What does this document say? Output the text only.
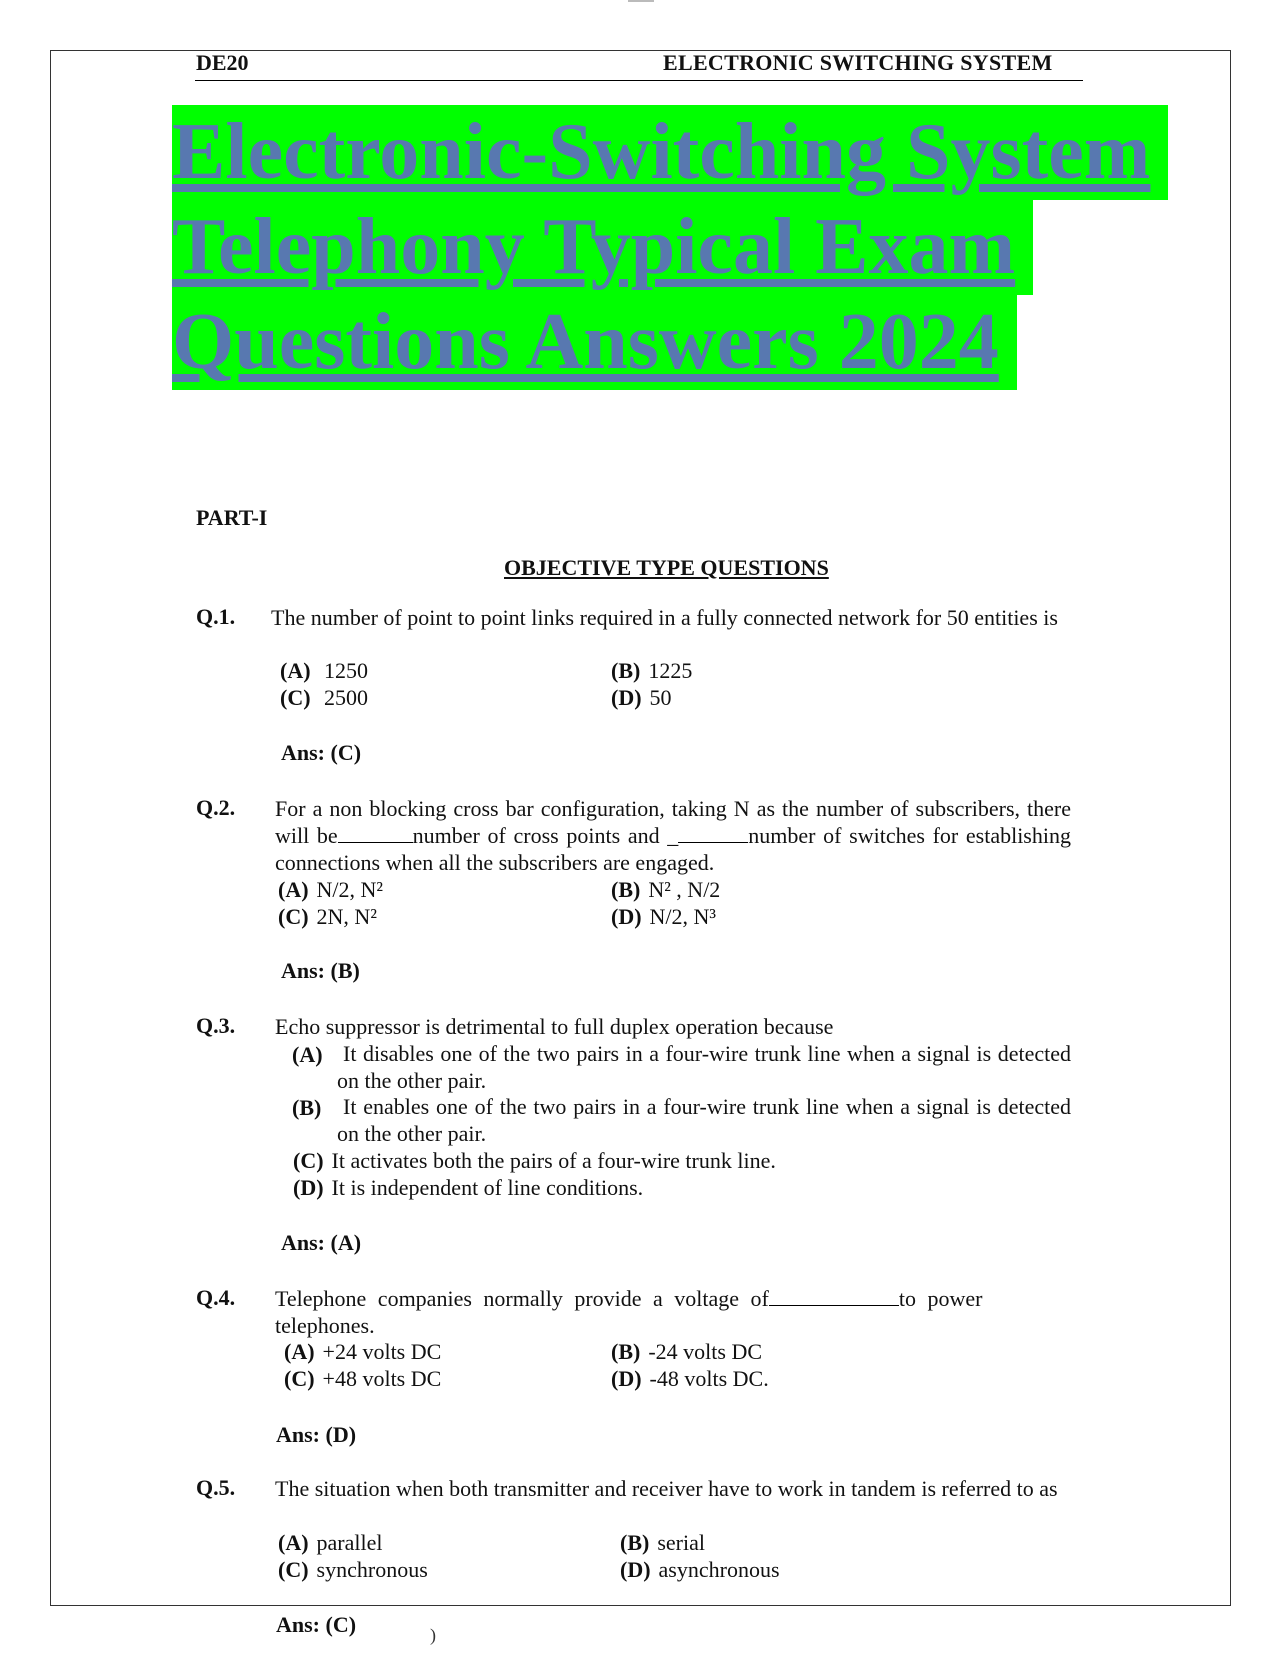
DE20	ELECTRONIC SWITCHING SYSTEM
Electronic-Switching System
Telephony Typical Exam
Questions Answers 2024
PART-I
OBJECTIVE TYPE QUESTIONS
Q.1. The number of point to point links required in a fully connected network for 50 entities is
(A) 1250	(B) 1225
(C) 2500	(D) 50
Ans: (C)
Q.2. For a non blocking cross bar configuration, taking N as the number of subscribers, there will be	number of cross points and _	number of switches for establishing connections when all the subscribers are engaged.
(A) N/2, N²	(B) N² , N/2
(C) 2N, N²	(D) N/2, N³
Ans: (B)
Q.3. Echo suppressor is detrimental to full duplex operation because
(A) It disables one of the two pairs in a four-wire trunk line when a signal is detected on the other pair.
(B) It enables one of the two pairs in a four-wire trunk line when a signal is detected on the other pair.
(C) It activates both the pairs of a four-wire trunk line.
(D) It is independent of line conditions.
Ans: (A)
Q.4. Telephone companies normally provide a voltage of	to power telephones.
(A) +24 volts DC	(B) -24 volts DC
(C) +48 volts DC	(D) -48 volts DC.
Ans: (D)
Q.5. The situation when both transmitter and receiver have to work in tandem is referred to as
(A) parallel	(B) serial
(C) synchronous	(D) asynchronous
Ans: (C)	)
